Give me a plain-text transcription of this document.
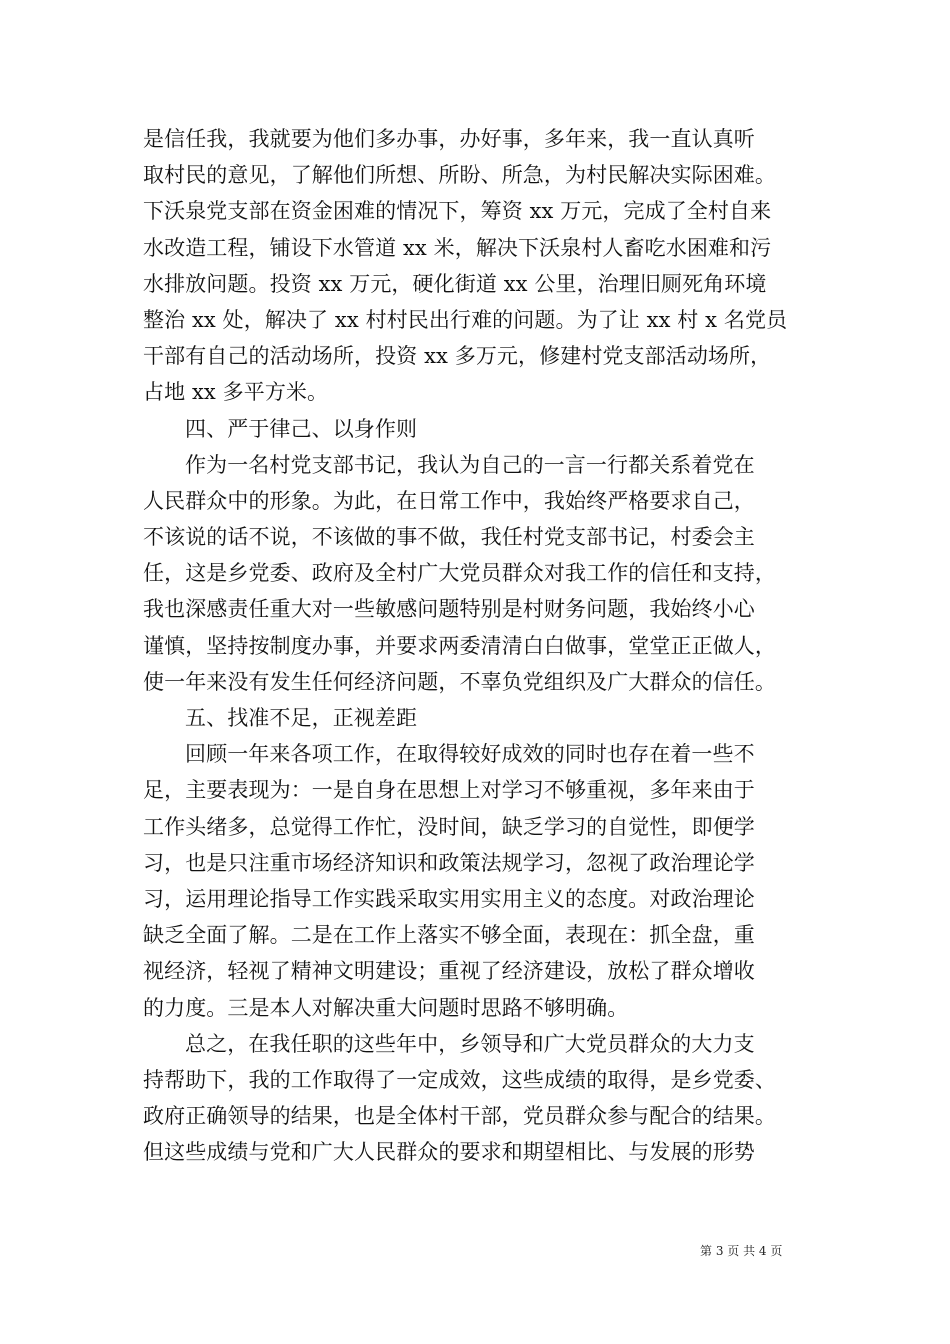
是信任我，我就要为他们多办事，办好事，多年来，我一直认真听
取村民的意见，了解他们所想、所盼、所急，为村民解决实际困难。
下沃泉党支部在资金困难的情况下，筹资 xx 万元，完成了全村自来
水改造工程，铺设下水管道 xx 米，解决下沃泉村人畜吃水困难和污
水排放问题。投资 xx 万元，硬化街道 xx 公里，治理旧厕死角环境
整治 xx 处，解决了 xx 村村民出行难的问题。为了让 xx 村 x 名党员
干部有自己的活动场所，投资 xx 多万元，修建村党支部活动场所，
占地 xx 多平方米。
四、严于律己、以身作则
作为一名村党支部书记，我认为自己的一言一行都关系着党在
人民群众中的形象。为此，在日常工作中，我始终严格要求自己，
不该说的话不说，不该做的事不做，我任村党支部书记，村委会主
任，这是乡党委、政府及全村广大党员群众对我工作的信任和支持，
我也深感责任重大对一些敏感问题特别是村财务问题，我始终小心
谨慎，坚持按制度办事，并要求两委清清白白做事，堂堂正正做人，
使一年来没有发生任何经济问题，不辜负党组织及广大群众的信任。
五、找准不足，正视差距
回顾一年来各项工作，在取得较好成效的同时也存在着一些不
足，主要表现为：一是自身在思想上对学习不够重视，多年来由于
工作头绪多，总觉得工作忙，没时间，缺乏学习的自觉性，即便学
习，也是只注重市场经济知识和政策法规学习，忽视了政治理论学
习，运用理论指导工作实践采取实用实用主义的态度。对政治理论
缺乏全面了解。二是在工作上落实不够全面，表现在：抓全盘，重
视经济，轻视了精神文明建设；重视了经济建设，放松了群众增收
的力度。三是本人对解决重大问题时思路不够明确。
总之，在我任职的这些年中，乡领导和广大党员群众的大力支
持帮助下，我的工作取得了一定成效，这些成绩的取得，是乡党委、
政府正确领导的结果，也是全体村干部，党员群众参与配合的结果。
但这些成绩与党和广大人民群众的要求和期望相比、与发展的形势
第 3 页 共 4 页
